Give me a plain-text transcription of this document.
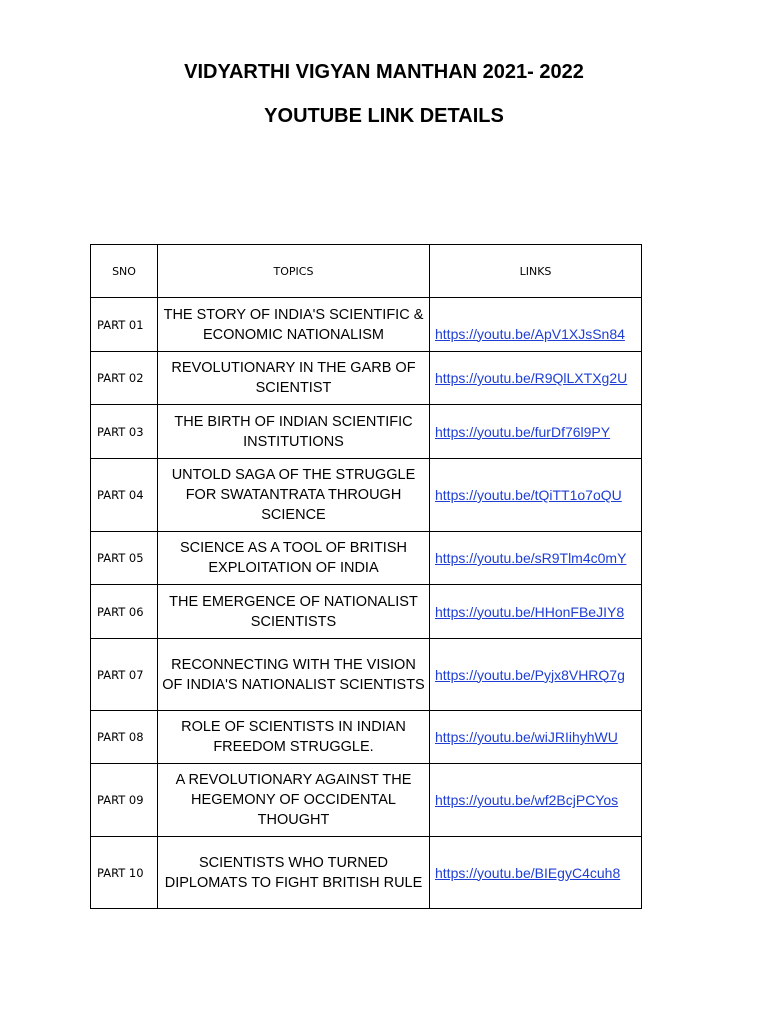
VIDYARTHI VIGYAN MANTHAN 2021- 2022
YOUTUBE LINK DETAILS
SNO	TOPICS	LINKS
PART 01	THE STORY OF INDIA'S SCIENTIFIC & ECONOMIC NATIONALISM	https://youtu.be/ApV1XJsSn84

PART 02	REVOLUTIONARY IN THE GARB OF SCIENTIST	https://youtu.be/R9QlLXTXg2U
PART 03	THE BIRTH OF INDIAN SCIENTIFIC INSTITUTIONS	https://youtu.be/furDf76l9PY
PART 04	UNTOLD SAGA OF THE STRUGGLE FOR SWATANTRATA THROUGH SCIENCE	https://youtu.be/tQiTT1o7oQU
PART 05	SCIENCE AS A TOOL OF BRITISH EXPLOITATION OF INDIA	https://youtu.be/sR9Tlm4c0mY
PART 06	THE EMERGENCE OF NATIONALIST SCIENTISTS	https://youtu.be/HHonFBeJIY8
PART 07	RECONNECTING WITH THE VISION OF INDIA'S NATIONALIST SCIENTISTS	https://youtu.be/Pyjx8VHRQ7g
PART 08	ROLE OF SCIENTISTS IN INDIAN FREEDOM STRUGGLE.	https://youtu.be/wiJRIihyhWU
PART 09	A REVOLUTIONARY AGAINST THE HEGEMONY OF OCCIDENTAL THOUGHT	https://youtu.be/wf2BcjPCYos
PART 10	SCIENTISTS WHO TURNED DIPLOMATS TO FIGHT BRITISH RULE	https://youtu.be/BIEgyC4cuh8
